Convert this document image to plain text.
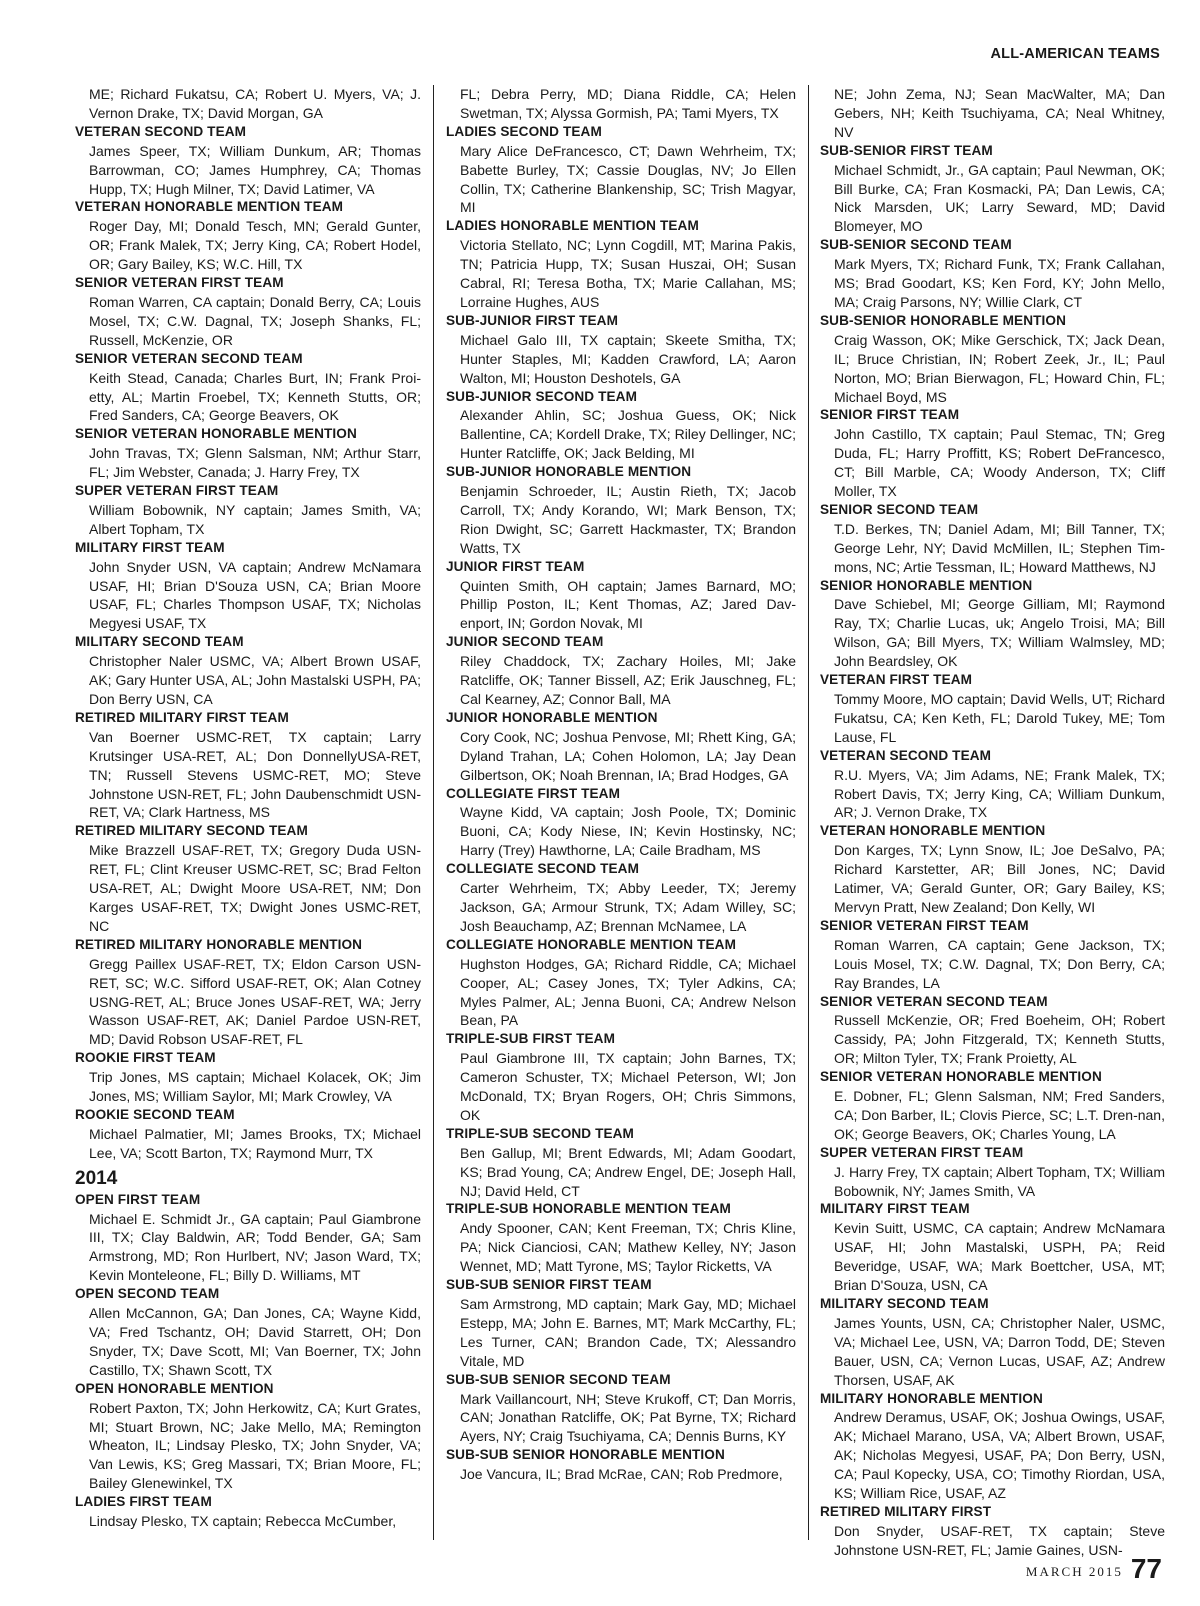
ALL-AMERICAN TEAMS
ME; Richard Fukatsu, CA; Robert U. Myers, VA; J. Vernon Drake, TX; David Morgan, GA
VETERAN SECOND TEAM
James Speer, TX; William Dunkum, AR; Thomas Barrowman, CO; James Humphrey, CA; Thomas Hupp, TX; Hugh Milner, TX; David Latimer, VA
VETERAN HONORABLE MENTION TEAM
Roger Day, MI; Donald Tesch, MN; Gerald Gunter, OR; Frank Malek, TX; Jerry King, CA; Robert Hodel, OR; Gary Bailey, KS; W.C. Hill, TX
SENIOR VETERAN FIRST TEAM
Roman Warren, CA captain; Donald Berry, CA; Louis Mosel, TX; C.W. Dagnal, TX; Joseph Shanks, FL; Russell, McKenzie, OR
SENIOR VETERAN SECOND TEAM
Keith Stead, Canada; Charles Burt, IN; Frank Proi-etty, AL; Martin Froebel, TX; Kenneth Stutts, OR; Fred Sanders, CA; George Beavers, OK
SENIOR VETERAN HONORABLE MENTION
John Travas, TX; Glenn Salsman, NM; Arthur Starr, FL; Jim Webster, Canada; J. Harry Frey, TX
SUPER VETERAN FIRST TEAM
William Bobownik, NY captain; James Smith, VA; Albert Topham, TX
MILITARY FIRST TEAM
John Snyder USN, VA captain; Andrew McNamara USAF, HI; Brian D'Souza USN, CA; Brian Moore USAF, FL; Charles Thompson USAF, TX; Nicholas Megyesi USAF, TX
MILITARY SECOND TEAM
Christopher Naler USMC, VA; Albert Brown USAF, AK; Gary Hunter USA, AL; John Mastalski USPH, PA; Don Berry USN, CA
RETIRED MILITARY FIRST TEAM
Van Boerner USMC-RET, TX captain; Larry Krutsinger USA-RET, AL; Don DonnellyUSA-RET, TN; Russell Stevens USMC-RET, MO; Steve Johnstone USN-RET, FL; John Daubenschmidt USN-RET, VA; Clark Hartness, MS
RETIRED MILITARY SECOND TEAM
Mike Brazzell USAF-RET, TX; Gregory Duda USN-RET, FL; Clint Kreuser USMC-RET, SC; Brad Felton USA-RET, AL; Dwight Moore USA-RET, NM; Don Karges USAF-RET, TX; Dwight Jones USMC-RET, NC
RETIRED MILITARY HONORABLE MENTION
Gregg Paillex USAF-RET, TX; Eldon Carson USN-RET, SC; W.C. Sifford USAF-RET, OK; Alan Cotney USNG-RET, AL; Bruce Jones USAF-RET, WA; Jerry Wasson USAF-RET, AK; Daniel Pardoe USN-RET, MD; David Robson USAF-RET, FL
ROOKIE FIRST TEAM
Trip Jones, MS captain; Michael Kolacek, OK; Jim Jones, MS; William Saylor, MI; Mark Crowley, VA
ROOKIE SECOND TEAM
Michael Palmatier, MI; James Brooks, TX; Michael Lee, VA; Scott Barton, TX; Raymond Murr, TX
2014
OPEN FIRST TEAM
Michael E. Schmidt Jr., GA captain; Paul Giambrone III, TX; Clay Baldwin, AR; Todd Bender, GA; Sam Armstrong, MD; Ron Hurlbert, NV; Jason Ward, TX; Kevin Monteleone, FL; Billy D. Williams, MT
OPEN SECOND TEAM
Allen McCannon, GA; Dan Jones, CA; Wayne Kidd, VA; Fred Tschantz, OH; David Starrett, OH; Don Snyder, TX; Dave Scott, MI; Van Boerner, TX; John Castillo, TX; Shawn Scott, TX
OPEN HONORABLE MENTION
Robert Paxton, TX; John Herkowitz, CA; Kurt Grates, MI; Stuart Brown, NC; Jake Mello, MA; Remington Wheaton, IL; Lindsay Plesko, TX; John Snyder, VA; Van Lewis, KS; Greg Massari, TX; Brian Moore, FL; Bailey Glenewinkel, TX
LADIES FIRST TEAM
Lindsay Plesko, TX captain; Rebecca McCumber,
FL; Debra Perry, MD; Diana Riddle, CA; Helen Swetman, TX; Alyssa Gormish, PA; Tami Myers, TX
LADIES SECOND TEAM
Mary Alice DeFrancesco, CT; Dawn Wehrheim, TX; Babette Burley, TX; Cassie Douglas, NV; Jo Ellen Collin, TX; Catherine Blankenship, SC; Trish Magyar, MI
LADIES HONORABLE MENTION TEAM
Victoria Stellato, NC; Lynn Cogdill, MT; Marina Pakis, TN; Patricia Hupp, TX; Susan Huszai, OH; Susan Cabral, RI; Teresa Botha, TX; Marie Callahan, MS; Lorraine Hughes, AUS
SUB-JUNIOR FIRST TEAM
Michael Galo III, TX captain; Skeete Smitha, TX; Hunter Staples, MI; Kadden Crawford, LA; Aaron Walton, MI; Houston Deshotels, GA
SUB-JUNIOR SECOND TEAM
Alexander Ahlin, SC; Joshua Guess, OK; Nick Ballentine, CA; Kordell Drake, TX; Riley Dellinger, NC; Hunter Ratcliffe, OK; Jack Belding, MI
SUB-JUNIOR HONORABLE MENTION
Benjamin Schroeder, IL; Austin Rieth, TX; Jacob Carroll, TX; Andy Korando, WI; Mark Benson, TX; Rion Dwight, SC; Garrett Hackmaster, TX; Brandon Watts, TX
JUNIOR FIRST TEAM
Quinten Smith, OH captain; James Barnard, MO; Phillip Poston, IL; Kent Thomas, AZ; Jared Dav-enport, IN; Gordon Novak, MI
JUNIOR SECOND TEAM
Riley Chaddock, TX; Zachary Hoiles, MI; Jake Ratcliffe, OK; Tanner Bissell, AZ; Erik Jauschneg, FL; Cal Kearney, AZ; Connor Ball, MA
JUNIOR HONORABLE MENTION
Cory Cook, NC; Joshua Penvose, MI; Rhett King, GA; Dyland Trahan, LA; Cohen Holomon, LA; Jay Dean Gilbertson, OK; Noah Brennan, IA; Brad Hodges, GA
COLLEGIATE FIRST TEAM
Wayne Kidd, VA captain; Josh Poole, TX; Dominic Buoni, CA; Kody Niese, IN; Kevin Hostinsky, NC; Harry (Trey) Hawthorne, LA; Caile Bradham, MS
COLLEGIATE SECOND TEAM
Carter Wehrheim, TX; Abby Leeder, TX; Jeremy Jackson, GA; Armour Strunk, TX; Adam Willey, SC; Josh Beauchamp, AZ; Brennan McNamee, LA
COLLEGIATE HONORABLE MENTION TEAM
Hughston Hodges, GA; Richard Riddle, CA; Michael Cooper, AL; Casey Jones, TX; Tyler Adkins, CA; Myles Palmer, AL; Jenna Buoni, CA; Andrew Nelson Bean, PA
TRIPLE-SUB FIRST TEAM
Paul Giambrone III, TX captain; John Barnes, TX; Cameron Schuster, TX; Michael Peterson, WI; Jon McDonald, TX; Bryan Rogers, OH; Chris Simmons, OK
TRIPLE-SUB SECOND TEAM
Ben Gallup, MI; Brent Edwards, MI; Adam Goodart, KS; Brad Young, CA; Andrew Engel, DE; Joseph Hall, NJ; David Held, CT
TRIPLE-SUB HONORABLE MENTION TEAM
Andy Spooner, CAN; Kent Freeman, TX; Chris Kline, PA; Nick Cianciosi, CAN; Mathew Kelley, NY; Jason Wennet, MD; Matt Tyrone, MS; Taylor Ricketts, VA
SUB-SUB SENIOR FIRST TEAM
Sam Armstrong, MD captain; Mark Gay, MD; Michael Estepp, MA; John E. Barnes, MT; Mark McCarthy, FL; Les Turner, CAN; Brandon Cade, TX; Alessandro Vitale, MD
SUB-SUB SENIOR SECOND TEAM
Mark Vaillancourt, NH; Steve Krukoff, CT; Dan Morris, CAN; Jonathan Ratcliffe, OK; Pat Byrne, TX; Richard Ayers, NY; Craig Tsuchiyama, CA; Dennis Burns, KY
SUB-SUB SENIOR HONORABLE MENTION
Joe Vancura, IL; Brad McRae, CAN; Rob Predmore,
NE; John Zema, NJ; Sean MacWalter, MA; Dan Gebers, NH; Keith Tsuchiyama, CA; Neal Whitney, NV
SUB-SENIOR FIRST TEAM
Michael Schmidt, Jr., GA captain; Paul Newman, OK; Bill Burke, CA; Fran Kosmacki, PA; Dan Lewis, CA; Nick Marsden, UK; Larry Seward, MD; David Blomeyer, MO
SUB-SENIOR SECOND TEAM
Mark Myers, TX; Richard Funk, TX; Frank Callahan, MS; Brad Goodart, KS; Ken Ford, KY; John Mello, MA; Craig Parsons, NY; Willie Clark, CT
SUB-SENIOR HONORABLE MENTION
Craig Wasson, OK; Mike Gerschick, TX; Jack Dean, IL; Bruce Christian, IN; Robert Zeek, Jr., IL; Paul Norton, MO; Brian Bierwagon, FL; Howard Chin, FL; Michael Boyd, MS
SENIOR FIRST TEAM
John Castillo, TX captain; Paul Stemac, TN; Greg Duda, FL; Harry Proffitt, KS; Robert DeFrancesco, CT; Bill Marble, CA; Woody Anderson, TX; Cliff Moller, TX
SENIOR SECOND TEAM
T.D. Berkes, TN; Daniel Adam, MI; Bill Tanner, TX; George Lehr, NY; David McMillen, IL; Stephen Tim-mons, NC; Artie Tessman, IL; Howard Matthews, NJ
SENIOR HONORABLE MENTION
Dave Schiebel, MI; George Gilliam, MI; Raymond Ray, TX; Charlie Lucas, uk; Angelo Troisi, MA; Bill Wilson, GA; Bill Myers, TX; William Walmsley, MD; John Beardsley, OK
VETERAN FIRST TEAM
Tommy Moore, MO captain; David Wells, UT; Richard Fukatsu, CA; Ken Keth, FL; Darold Tukey, ME; Tom Lause, FL
VETERAN SECOND TEAM
R.U. Myers, VA; Jim Adams, NE; Frank Malek, TX; Robert Davis, TX; Jerry King, CA; William Dunkum, AR; J. Vernon Drake, TX
VETERAN HONORABLE MENTION
Don Karges, TX; Lynn Snow, IL; Joe DeSalvo, PA; Richard Karstetter, AR; Bill Jones, NC; David Latimer, VA; Gerald Gunter, OR; Gary Bailey, KS; Mervyn Pratt, New Zealand; Don Kelly, WI
SENIOR VETERAN FIRST TEAM
Roman Warren, CA captain; Gene Jackson, TX; Louis Mosel, TX; C.W. Dagnal, TX; Don Berry, CA; Ray Brandes, LA
SENIOR VETERAN SECOND TEAM
Russell McKenzie, OR; Fred Boeheim, OH; Robert Cassidy, PA; John Fitzgerald, TX; Kenneth Stutts, OR; Milton Tyler, TX; Frank Proietty, AL
SENIOR VETERAN HONORABLE MENTION
E. Dobner, FL; Glenn Salsman, NM; Fred Sanders, CA; Don Barber, IL; Clovis Pierce, SC; L.T. Dren-nan, OK; George Beavers, OK; Charles Young, LA
SUPER VETERAN FIRST TEAM
J. Harry Frey, TX captain; Albert Topham, TX; William Bobownik, NY; James Smith, VA
MILITARY FIRST TEAM
Kevin Suitt, USMC, CA captain; Andrew McNamara USAF, HI; John Mastalski, USPH, PA; Reid Beveridge, USAF, WA; Mark Boettcher, USA, MT; Brian D'Souza, USN, CA
MILITARY SECOND TEAM
James Younts, USN, CA; Christopher Naler, USMC, VA; Michael Lee, USN, VA; Darron Todd, DE; Steven Bauer, USN, CA; Vernon Lucas, USAF, AZ; Andrew Thorsen, USAF, AK
MILITARY HONORABLE MENTION
Andrew Deramus, USAF, OK; Joshua Owings, USAF, AK; Michael Marano, USA, VA; Albert Brown, USAF, AK; Nicholas Megyesi, USAF, PA; Don Berry, USN, CA; Paul Kopecky, USA, CO; Timothy Riordan, USA, KS; William Rice, USAF, AZ
RETIRED MILITARY FIRST
Don Snyder, USAF-RET, TX captain; Steve Johnstone USN-RET, FL; Jamie Gaines, USN-
MARCH 2015 77
